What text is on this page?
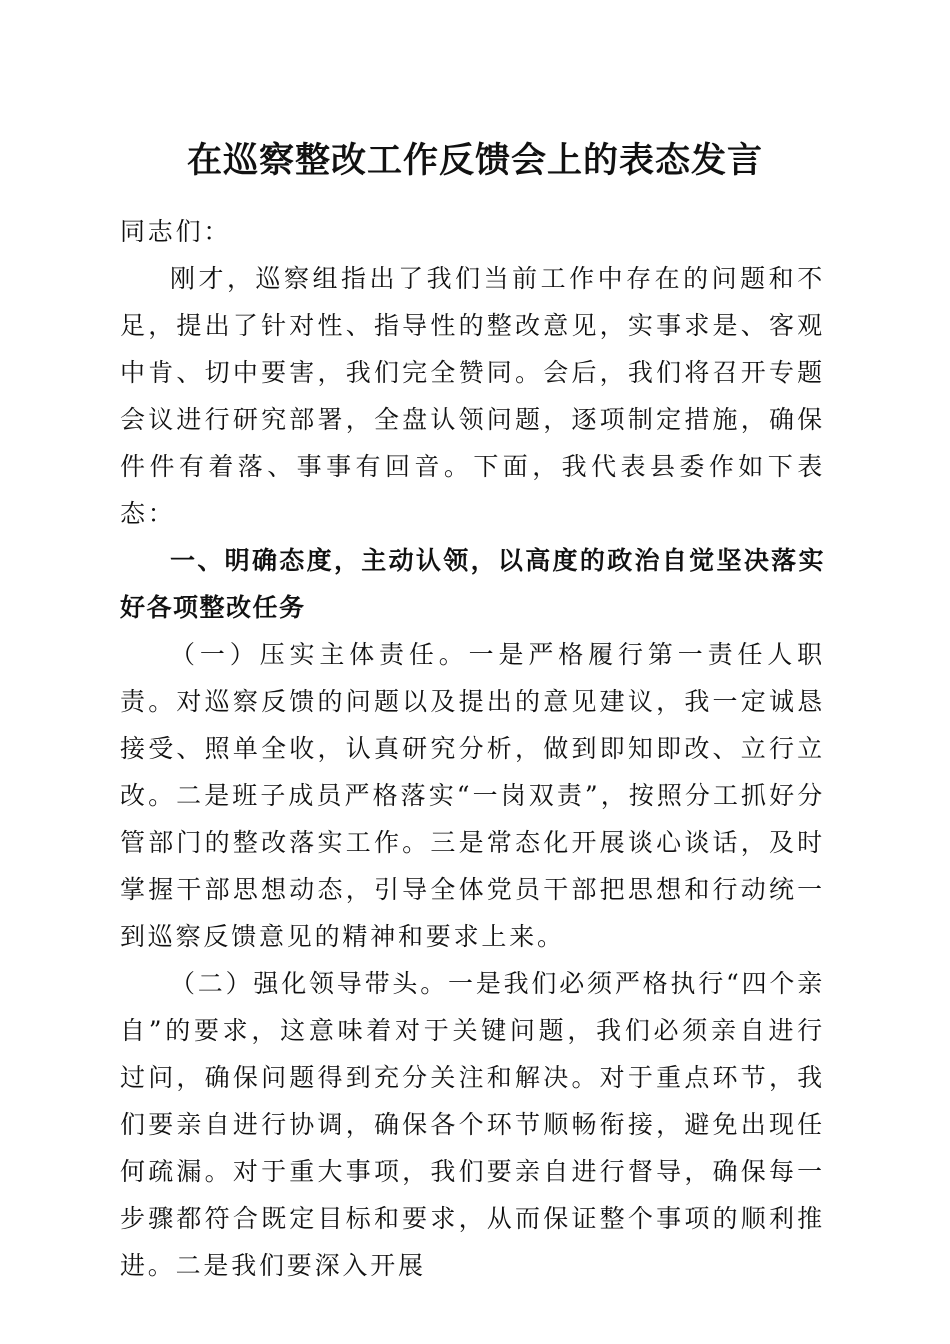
在巡察整改工作反馈会上的表态发言

同志们：

刚才，巡察组指出了我们当前工作中存在的问题和不足，提出了针对性、指导性的整改意见，实事求是、客观中肯、切中要害，我们完全赞同。会后，我们将召开专题会议进行研究部署，全盘认领问题，逐项制定措施，确保件件有着落、事事有回音。下面，我代表县委作如下表态：

一、明确态度，主动认领，以高度的政治自觉坚决落实好各项整改任务

（一）压实主体责任。一是严格履行第一责任人职责。对巡察反馈的问题以及提出的意见建议，我一定诚恳接受、照单全收，认真研究分析，做到即知即改、立行立改。二是班子成员严格落实“一岗双责”，按照分工抓好分管部门的整改落实工作。三是常态化开展谈心谈话，及时掌握干部思想动态，引导全体党员干部把思想和行动统一到巡察反馈意见的精神和要求上来。

（二）强化领导带头。一是我们必须严格执行“四个亲自”的要求，这意味着对于关键问题，我们必须亲自进行过问，确保问题得到充分关注和解决。对于重点环节，我们要亲自进行协调，确保各个环节顺畅衔接，避免出现任何疏漏。对于重大事项，我们要亲自进行督导，确保每一步骤都符合既定目标和要求，从而保证整个事项的顺利推进。二是我们要深入开展
